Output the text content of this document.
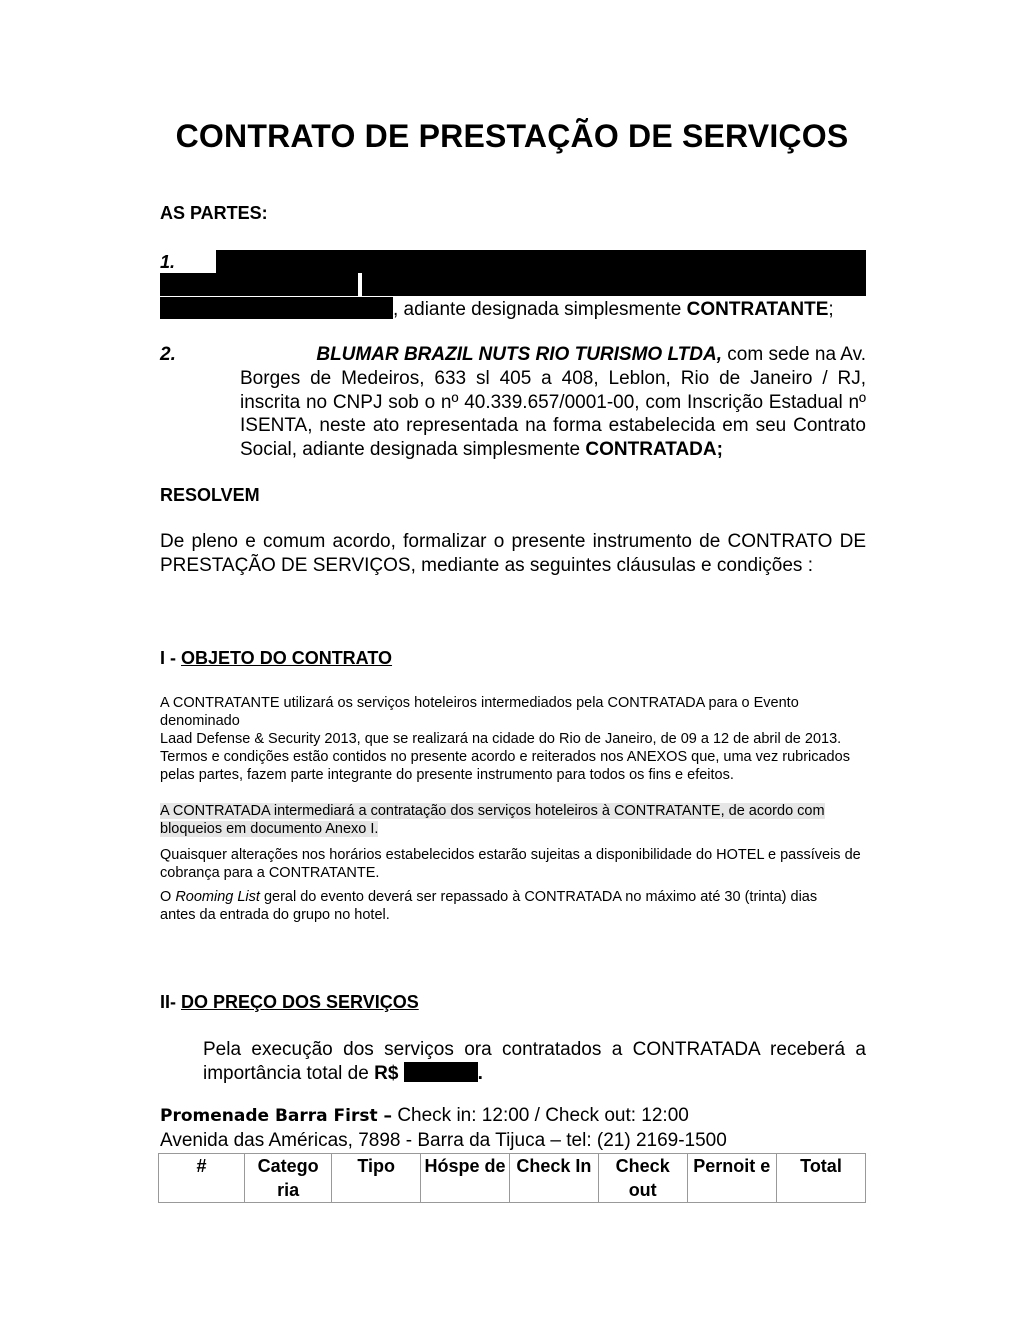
CONTRATO DE PRESTAÇÃO DE SERVIÇOS
AS PARTES:
1.
, adiante designada simplesmente CONTRATANTE;
2.	BLUMAR BRAZIL NUTS RIO TURISMO LTDA, com sede na Av.
Borges de Medeiros, 633 sl 405 a 408, Leblon, Rio de Janeiro / RJ, inscrita no CNPJ sob o nº 40.339.657/0001-00, com Inscrição Estadual nº ISENTA, neste ato representada na forma estabelecida em seu Contrato Social, adiante designada simplesmente CONTRATADA;
RESOLVEM
De pleno e comum acordo, formalizar o presente instrumento de CONTRATO DE PRESTAÇÃO DE SERVIÇOS, mediante as seguintes cláusulas e condições :
I - OBJETO DO CONTRATO
A CONTRATANTE utilizará os serviços hoteleiros intermediados pela CONTRATADA para o Evento denominado
Laad Defense & Security 2013, que se realizará na cidade do Rio de Janeiro, de 09 a 12 de abril de 2013. Termos e condições estão contidos no presente acordo e reiterados nos ANEXOS que, uma vez rubricados pelas partes, fazem parte integrante do presente instrumento para todos os fins e efeitos.
A CONTRATADA intermediará a contratação dos serviços hoteleiros à CONTRATANTE, de acordo com bloqueios em documento Anexo I.
Quaisquer alterações nos horários estabelecidos estarão sujeitas a disponibilidade do HOTEL e passíveis de cobrança para a CONTRATANTE.
O Rooming List geral do evento deverá ser repassado à CONTRATADA no máximo até 30 (trinta) dias antes da entrada do grupo no hotel.
II- DO PREÇO DOS SERVIÇOS
Pela execução dos serviços ora contratados a CONTRATADA receberá a importância total de R$	.
Promenade Barra First – Check in: 12:00 / Check out: 12:00
Avenida das Américas, 7898 - Barra da Tijuca – tel: (21) 2169-1500
#	Catego ria	Tipo	Hóspe de	Check In	Check out	Pernoit e	Total
